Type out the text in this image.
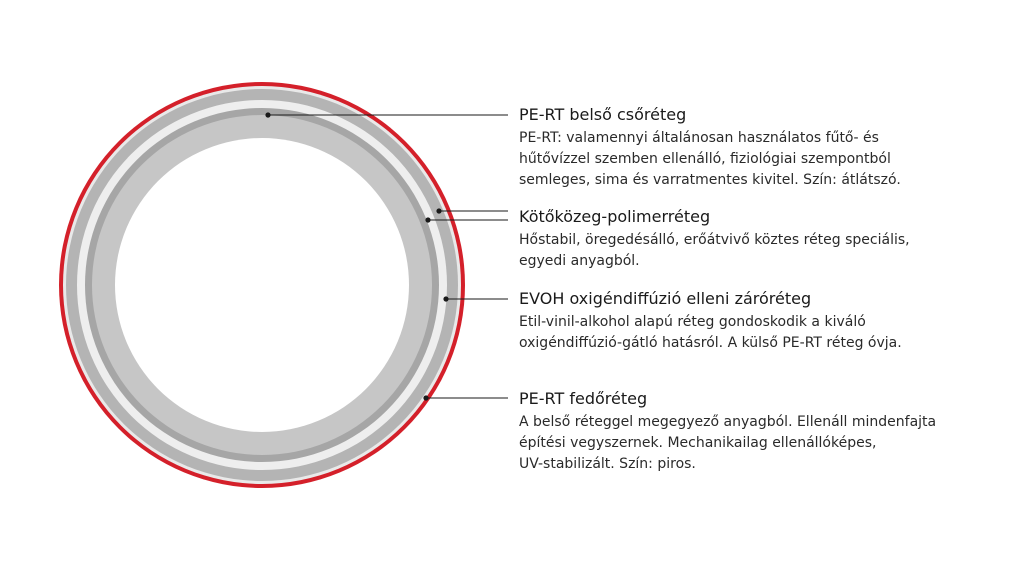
PE-RT belső csőréteg
PE-RT: valamennyi általánosan használatos fűtő- és
hűtővízzel szemben ellenálló, fiziológiai szempontból
semleges, sima és varratmentes kivitel. Szín: átlátszó.
Kötőközeg-polimerréteg
Hőstabil, öregedésálló, erőátvivő köztes réteg speciális,
egyedi anyagból.
EVOH oxigéndiffúzió elleni záróréteg
Etil-vinil-alkohol alapú réteg gondoskodik a kiváló
oxigéndiffúzió-gátló hatásról. A külső PE-RT réteg óvja.
PE-RT fedőréteg
A belső réteggel megegyező anyagból. Ellenáll mindenfajta
építési vegyszernek. Mechanikailag ellenállóképes,
UV-stabilizált. Szín: piros.
